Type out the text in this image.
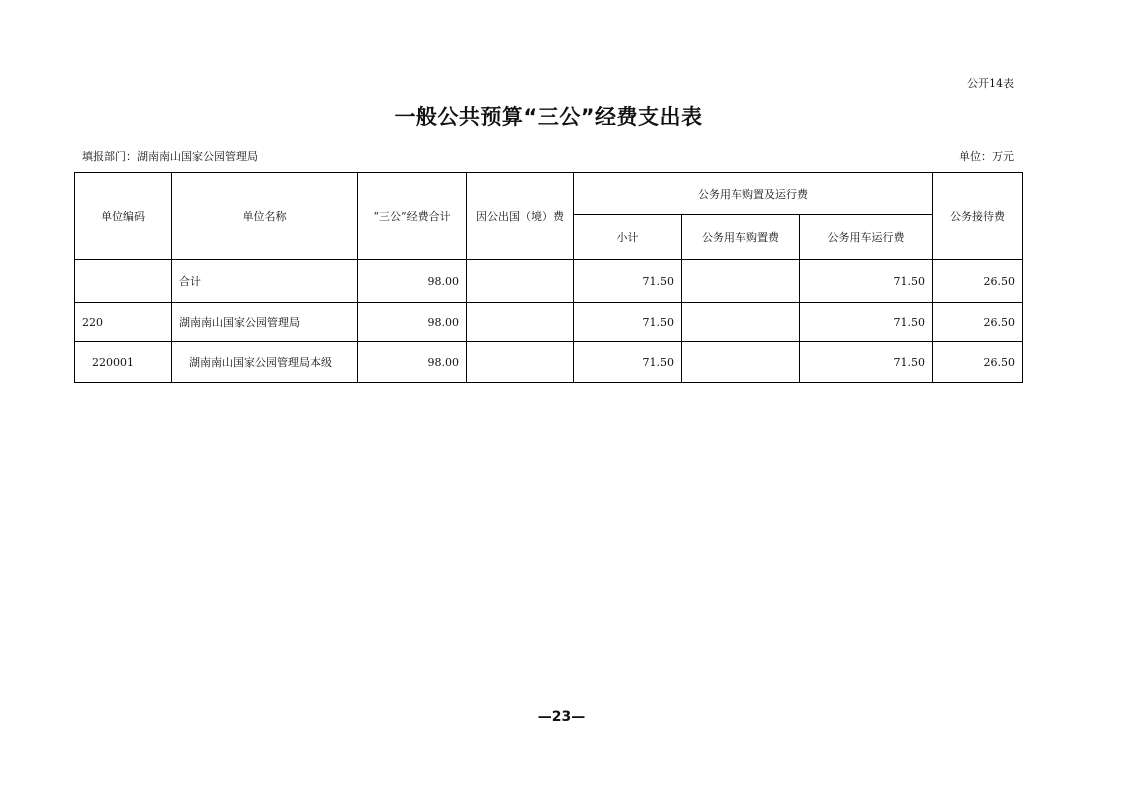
公开14表
一般公共预算“三公”经费支出表
填报部门：湖南南山国家公园管理局	单位：万元
单位编码	单位名称	“三公”经费合计	因公出国（境）费	公务用车购置及运行费			公务接待费
				小计	公务用车购置费	公务用车运行费	
	合计	98.00		71.50		71.50	26.50
220	湖南南山国家公园管理局	98.00		71.50		71.50	26.50
220001	湖南南山国家公园管理局本级	98.00		71.50		71.50	26.50
—23—
